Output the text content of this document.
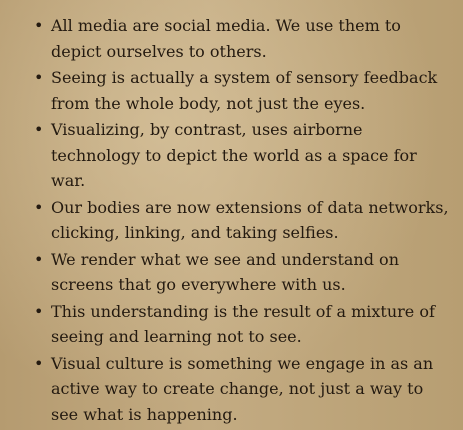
• All media are social media. We use them to depict ourselves to others.
• Seeing is actually a system of sensory feedback from the whole body, not just the eyes.
• Visualizing, by contrast, uses airborne technology to depict the world as a space for war.
• Our bodies are now extensions of data networks, clicking, linking, and taking selfies.
• We render what we see and understand on screens that go everywhere with us.
• This understanding is the result of a mixture of seeing and learning not to see.
• Visual culture is something we engage in as an active way to create change, not just a way to see what is happening.
